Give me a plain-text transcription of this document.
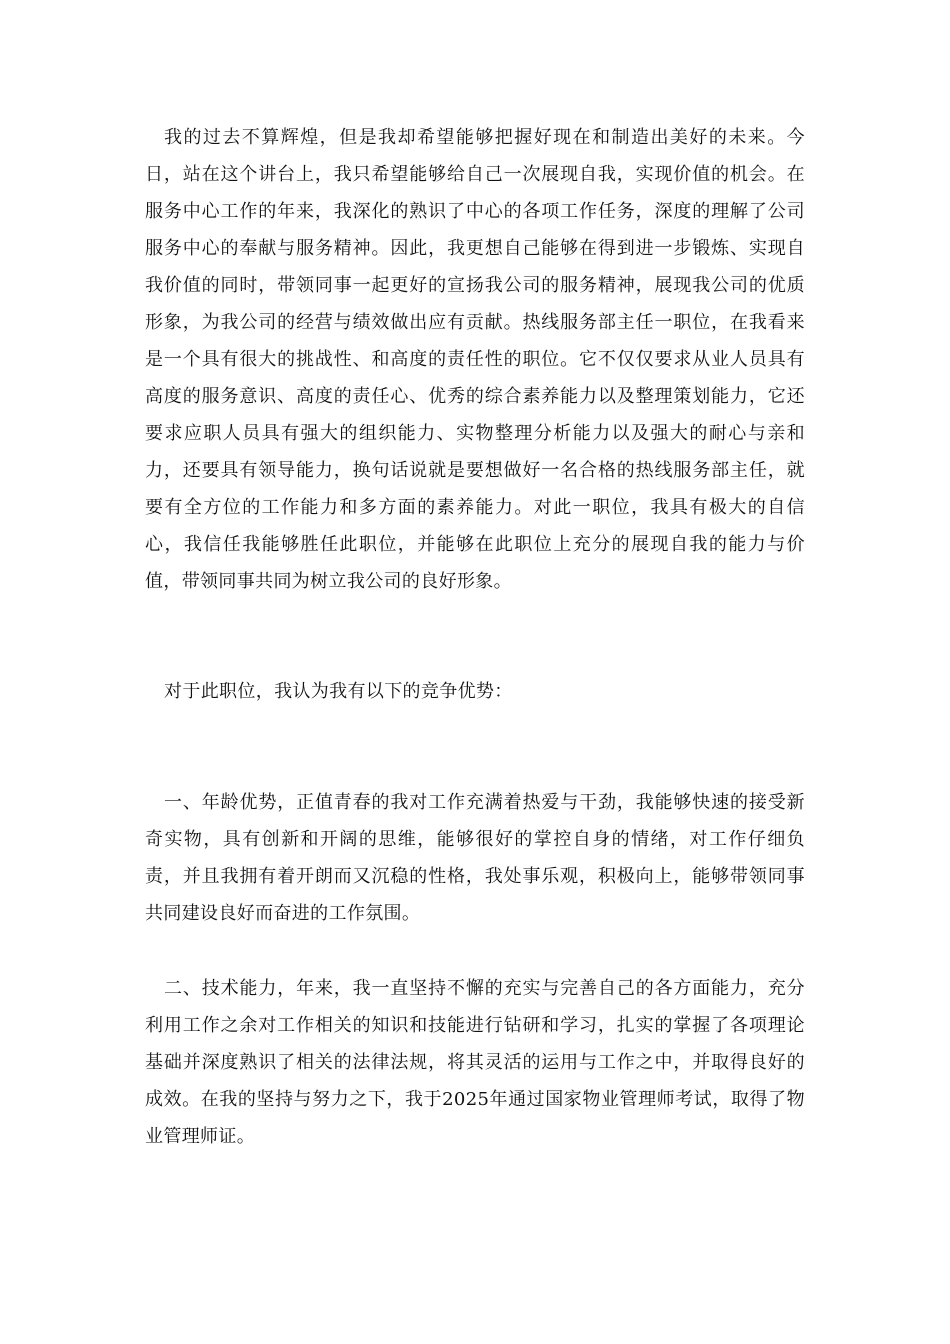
我的过去不算辉煌，但是我却希望能够把握好现在和制造出美好的未来。今日，站在这个讲台上，我只希望能够给自己一次展现自我，实现价值的机会。在服务中心工作的年来，我深化的熟识了中心的各项工作任务，深度的理解了公司服务中心的奉献与服务精神。因此，我更想自己能够在得到进一步锻炼、实现自我价值的同时，带领同事一起更好的宣扬我公司的服务精神，展现我公司的优质形象，为我公司的经营与绩效做出应有贡献。热线服务部主任一职位，在我看来是一个具有很大的挑战性、和高度的责任性的职位。它不仅仅要求从业人员具有高度的服务意识、高度的责任心、优秀的综合素养能力以及整理策划能力，它还要求应职人员具有强大的组织能力、实物整理分析能力以及强大的耐心与亲和力，还要具有领导能力，换句话说就是要想做好一名合格的热线服务部主任，就要有全方位的工作能力和多方面的素养能力。对此一职位，我具有极大的自信心，我信任我能够胜任此职位，并能够在此职位上充分的展现自我的能力与价值，带领同事共同为树立我公司的良好形象。

对于此职位，我认为我有以下的竞争优势：

一、年龄优势，正值青春的我对工作充满着热爱与干劲，我能够快速的接受新奇实物，具有创新和开阔的思维，能够很好的掌控自身的情绪，对工作仔细负责，并且我拥有着开朗而又沉稳的性格，我处事乐观，积极向上，能够带领同事共同建设良好而奋进的工作氛围。

二、技术能力，年来，我一直坚持不懈的充实与完善自己的各方面能力，充分利用工作之余对工作相关的知识和技能进行钻研和学习，扎实的掌握了各项理论基础并深度熟识了相关的法律法规，将其灵活的运用与工作之中，并取得良好的成效。在我的坚持与努力之下，我于2025年通过国家物业管理师考试，取得了物业管理师证。
